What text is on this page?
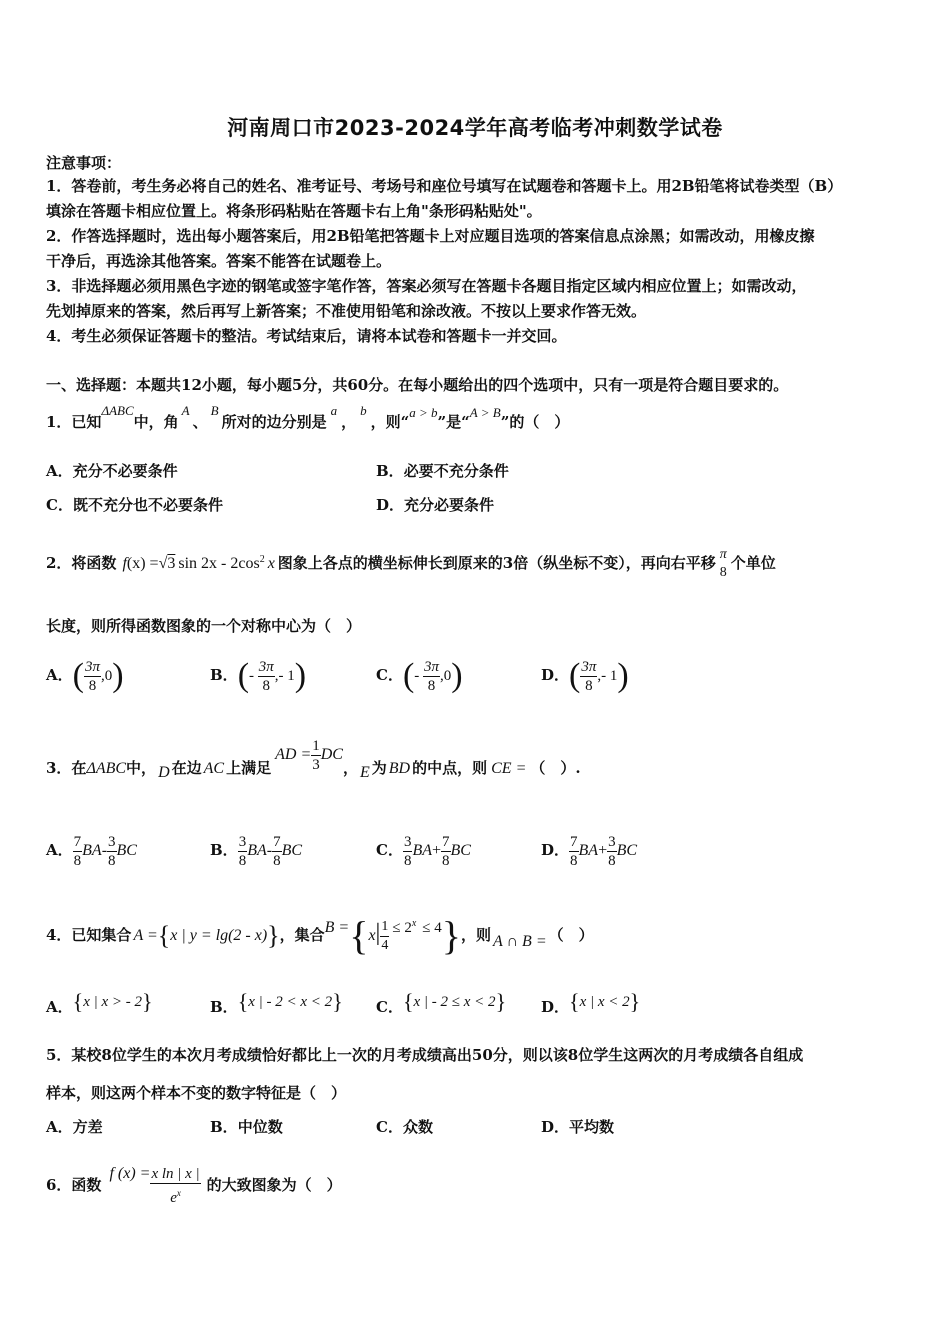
河南周口市2023-2024学年高考临考冲刺数学试卷
注意事项：
1．答卷前，考生务必将自己的姓名、准考证号、考场号和座位号填写在试题卷和答题卡上。用2B铅笔将试卷类型（B）
填涂在答题卡相应位置上。将条形码粘贴在答题卡右上角"条形码粘贴处"。
2．作答选择题时，选出每小题答案后，用2B铅笔把答题卡上对应题目选项的答案信息点涂黑；如需改动，用橡皮擦
干净后，再选涂其他答案。答案不能答在试题卷上。
3．非选择题必须用黑色字迹的钢笔或签字笔作答，答案必须写在答题卡各题目指定区域内相应位置上；如需改动，
先划掉原来的答案，然后再写上新答案；不准使用铅笔和涂改液。不按以上要求作答无效。
4．考生必须保证答题卡的整洁。考试结束后，请将本试卷和答题卡一并交回。
一、选择题：本题共12小题，每小题5分，共60分。在每小题给出的四个选项中，只有一项是符合题目要求的。
1．已知ΔABC中，角A、B所对的边分别是a，b，则“a > b”是“A > B”的（　）
A．充分不必要条件	B．必要不充分条件
C．既不充分也不必要条件	D．充分必要条件
2．将函数 f(x) =√3 $\sin 2x - 2\cos^2$ x 图象上各点的横坐标伸长到原来的3倍（纵坐标不变），再向右平移 π
8
个单位
长度，则所得函数图象的一个对称中心为（　）
A．( $\frac{3\pi}{8} ,0$)	B．(- $\frac{3\pi}{8}$ ,- 1)	C．(- $\frac{3\pi}{8} ,0$)	D．( $\frac{3\pi}{8}$ ,- 1)
3．在ΔABC中， D 在边 AC 上满足AD = $\frac{1}{3}$ DC， E 为 BD 的中点，则 CE = （　）.
A． $\frac{7}{8} BA- \frac{3}{8}$ BC	B． $\frac{3}{8} BA- \frac{7}{8}$ BC	C． $\frac{3}{8} BA+ \frac{7}{8}$ BC	D． $\frac{7}{8} BA+ \frac{3}{8}$ BC
4．已知集合 A ={x | y = lg(2 - x)}，集合$B =\{x| \frac{1}{4} \le 2^x \le 4\}$，则 A ∩ B = （　）
A．{x | x > - 2}	B．{x | - 2 < x < 2} C．{x | - 2 ≤ x < 2} D．{x | x < 2}
5．某校8位学生的本次月考成绩恰好都比上一次的月考成绩高出50分，则以该8位学生这两次的月考成绩各自组成
样本，则这两个样本不变的数字特征是（　）
A．方差	B．中位数	C．众数	D．平均数
6．函数f $(x) = \frac{\text{x ln | x |}}{e^x}$ 的大致图象为（　）
